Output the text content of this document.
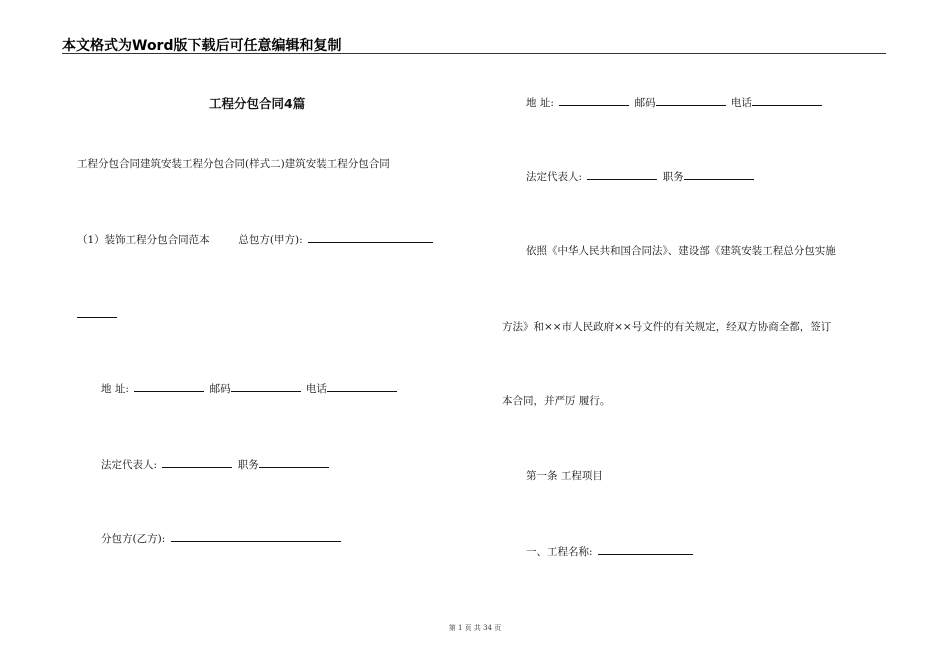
本文格式为Word版下载后可任意编辑和复制
工程分包合同4篇
工程分包合同建筑安装工程分包合同(样式二)建筑安装工程分包合同
（1）装饰工程分包合同范本	总包方(甲方):
地 址:	邮码	电话
法定代表人:	职务
分包方(乙方):
地 址:	邮码	电话
法定代表人:	职务
依照《中华人民共和国合同法》、建设部《建筑安装工程总分包实施
方法》和××市人民政府××号文件的有关规定，经双方协商全都，签订
本合同，并严厉 履行。
第一条 工程项目
一、工程名称:
第 1 页 共 34 页
